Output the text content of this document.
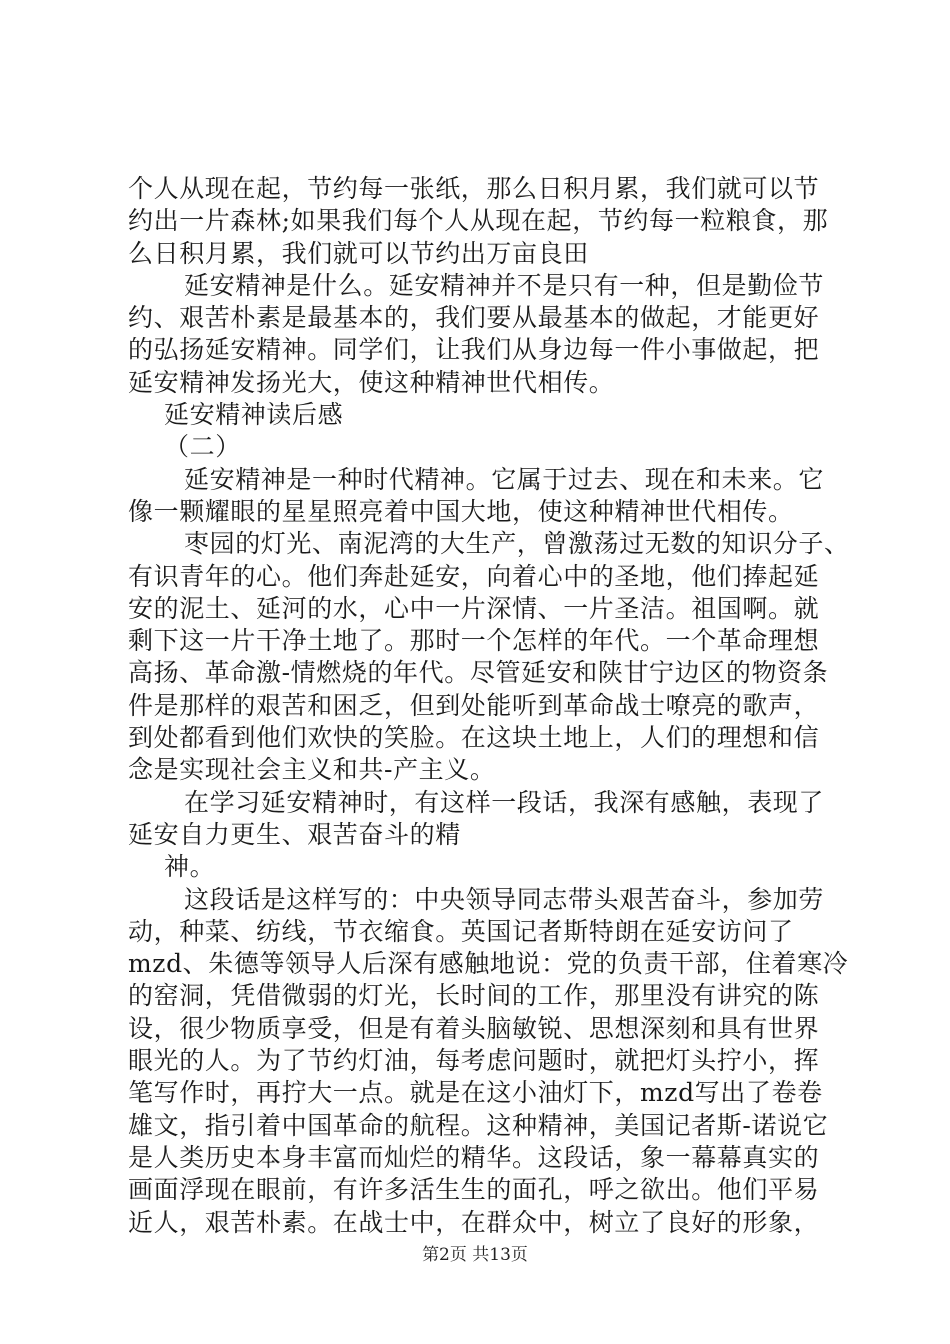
个人从现在起，节约每一张纸，那么日积月累，我们就可以节
约出一片森林;如果我们每个人从现在起，节约每一粒粮食，那
么日积月累，我们就可以节约出万亩良田
延安精神是什么。延安精神并不是只有一种，但是勤俭节
约、艰苦朴素是最基本的，我们要从最基本的做起，才能更好
的弘扬延安精神。同学们，让我们从身边每一件小事做起，把
延安精神发扬光大，使这种精神世代相传。
延安精神读后感
（二）
延安精神是一种时代精神。它属于过去、现在和未来。它
像一颗耀眼的星星照亮着中国大地，使这种精神世代相传。
枣园的灯光、南泥湾的大生产，曾激荡过无数的知识分子、
有识青年的心。他们奔赴延安，向着心中的圣地，他们捧起延
安的泥土、延河的水，心中一片深情、一片圣洁。祖国啊。就
剩下这一片干净土地了。那时一个怎样的年代。一个革命理想
高扬、革命激-情燃烧的年代。尽管延安和陕甘宁边区的物资条
件是那样的艰苦和困乏，但到处能听到革命战士嘹亮的歌声，
到处都看到他们欢快的笑脸。在这块土地上，人们的理想和信
念是实现社会主义和共-产主义。
在学习延安精神时，有这样一段话，我深有感触，表现了
延安自力更生、艰苦奋斗的精
神。
这段话是这样写的：中央领导同志带头艰苦奋斗，参加劳
动，种菜、纺线，节衣缩食。英国记者斯特朗在延安访问了
mzd、朱德等领导人后深有感触地说：党的负责干部，住着寒冷
的窑洞，凭借微弱的灯光，长时间的工作，那里没有讲究的陈
设，很少物质享受，但是有着头脑敏锐、思想深刻和具有世界
眼光的人。为了节约灯油，每考虑问题时，就把灯头拧小，挥
笔写作时，再拧大一点。就是在这小油灯下，mzd写出了卷卷
雄文，指引着中国革命的航程。这种精神，美国记者斯-诺说它
是人类历史本身丰富而灿烂的精华。这段话，象一幕幕真实的
画面浮现在眼前，有许多活生生的面孔，呼之欲出。他们平易
近人，艰苦朴素。在战士中，在群众中，树立了良好的形象，
第2页 共13页
